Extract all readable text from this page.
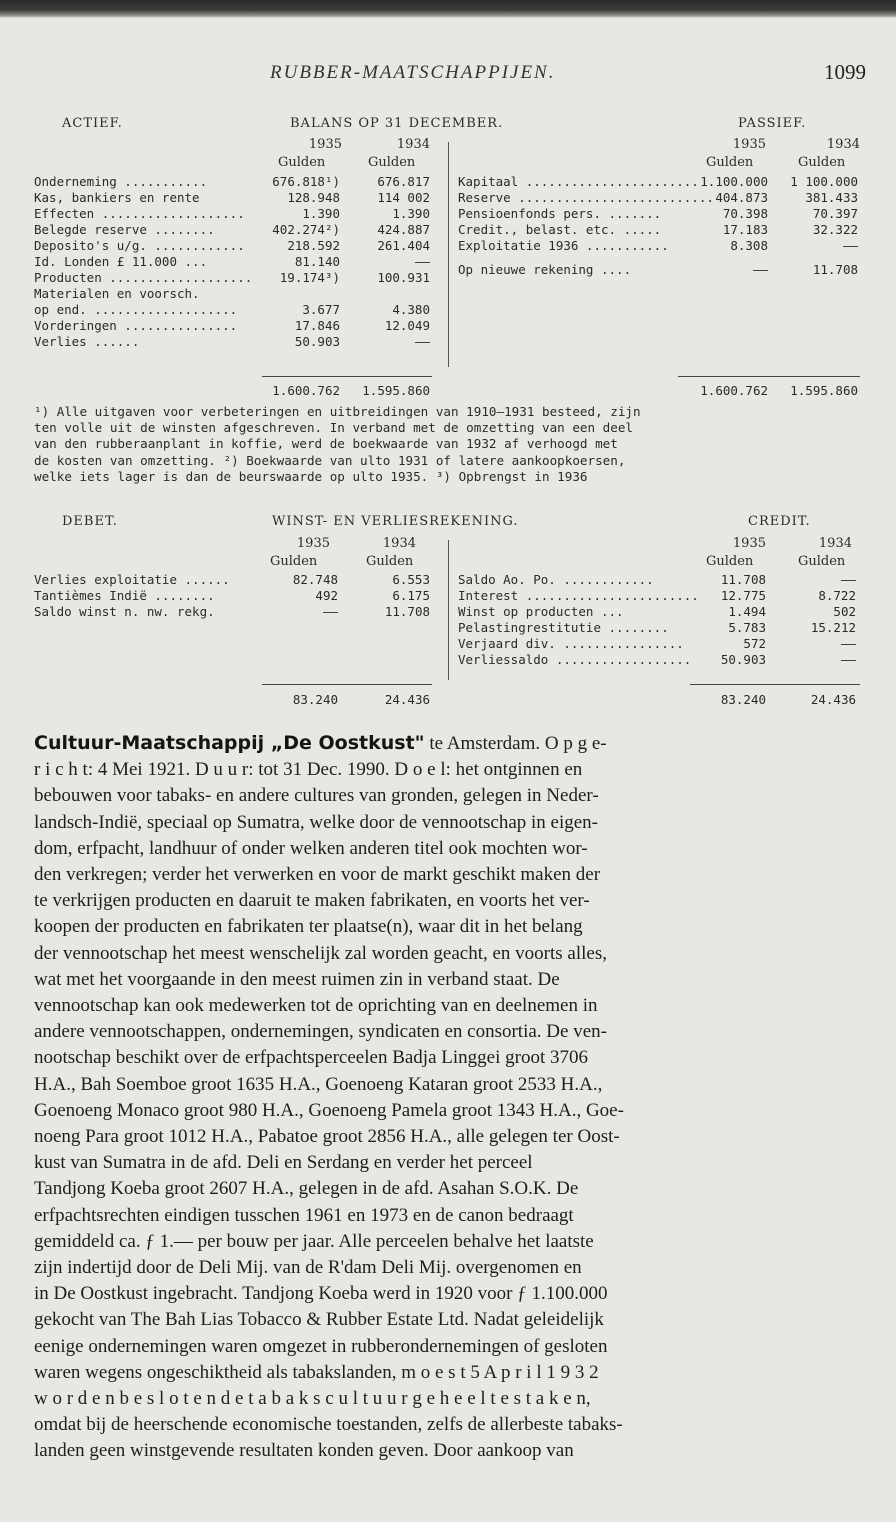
RUBBER-MAATSCHAPPIJEN.	1099
ACTIEF.	BALANS OP 31 DECEMBER.	PASSIEF.
1935	1934	1935	1934
Gulden	Gulden	Gulden	Gulden
Onderneming ...........	676.818¹)	676.817
Kas, bankiers en rente	128.948	114 002
Effecten ...................	1.390	1.390
Belegde reserve ........	402.274²)	424.887
Deposito's u/g. ............	218.592	261.404
Id. Londen £ 11.000 ...	81.140	——
Producten ...................	19.174³)	100.931
Materialen en voorsch.
op end. ...................	3.677	4.380
Vorderingen ...............	17.846	12.049
Verlies ......	50.903	——
Kapitaal ....................... 1.100.000	1 100.000
Reserve .......................... 404.873	381.433
Pensioenfonds pers. .......	70.398	70.397
Credit., belast. etc. .....	17.183	32.322
Exploitatie 1936 ...........	8.308	——
Op nieuwe rekening ....	——	11.708
1.600.762	1.595.860	1.600.762	1.595.860

¹) Alle uitgaven voor verbeteringen en uitbreidingen van 1910—1931 besteed, zijn

ten volle uit de winsten afgeschreven. In verband met de omzetting van een deel

van den rubberaanplant in koffie, werd de boekwaarde van 1932 af verhoogd met

de kosten van omzetting. ²) Boekwaarde van ulto 1931 of latere aankoopkoersen,

welke iets lager is dan de beurswaarde op ulto 1935. ³) Opbrengst in 1936

DEBET.	WINST- EN VERLIESREKENING.	CREDIT.
1935	1934	1935	1934
Gulden	Gulden	Gulden	Gulden
Verlies exploitatie ......	82.748	6.553
Tantièmes Indië ........	492	6.175
Saldo winst n. nw. rekg.	——	11.708
Saldo Ao. Po. ............	11.708	——
Interest .......................	12.775	8.722
Winst op producten ...	1.494	502
Pelastingrestitutie ........	5.783	15.212
Verjaard div. ................	572	——
Verliessaldo ..................	50.903	——
83.240	24.436	83.240	24.436

Cultuur-Maatschappij „De Oostkust" te Amsterdam. O p g e-

r i c h t: 4 Mei 1921. D u u r: tot 31 Dec. 1990. D o e l: het ontginnen en

bebouwen voor tabaks- en andere cultures van gronden, gelegen in Neder-

landsch-Indië, speciaal op Sumatra, welke door de vennootschap in eigen-

dom, erfpacht, landhuur of onder welken anderen titel ook mochten wor-

den verkregen; verder het verwerken en voor de markt geschikt maken der

te verkrijgen producten en daaruit te maken fabrikaten, en voorts het ver-

koopen der producten en fabrikaten ter plaatse(n), waar dit in het belang

der vennootschap het meest wenschelijk zal worden geacht, en voorts alles,

wat met het voorgaande in den meest ruimen zin in verband staat. De

vennootschap kan ook medewerken tot de oprichting van en deelnemen in

andere vennootschappen, ondernemingen, syndicaten en consortia. De ven-

nootschap beschikt over de erfpachtsperceelen Badja Linggei groot 3706

H.A., Bah Soemboe groot 1635 H.A., Goenoeng Kataran groot 2533 H.A.,

Goenoeng Monaco groot 980 H.A., Goenoeng Pamela groot 1343 H.A., Goe-

noeng Para groot 1012 H.A., Pabatoe groot 2856 H.A., alle gelegen ter Oost-

kust van Sumatra in de afd. Deli en Serdang en verder het perceel

Tandjong Koeba groot 2607 H.A., gelegen in de afd. Asahan S.O.K. De

erfpachtsrechten eindigen tusschen 1961 en 1973 en de canon bedraagt

gemiddeld ca. ƒ 1.— per bouw per jaar. Alle perceelen behalve het laatste

zijn indertijd door de Deli Mij. van de R'dam Deli Mij. overgenomen en

in De Oostkust ingebracht. Tandjong Koeba werd in 1920 voor ƒ 1.100.000

gekocht van The Bah Lias Tobacco & Rubber Estate Ltd. Nadat geleidelijk

eenige ondernemingen waren omgezet in rubberondernemingen of gesloten

waren wegens ongeschiktheid als tabakslanden, m o e s t 5 A p r i l 1 9 3 2

w o r d e n b e s l o t e n d e t a b a k s c u l t u u r g e h e e l t e s t a k e n,

omdat bij de heerschende economische toestanden, zelfs de allerbeste tabaks-

landen geen winstgevende resultaten konden geven. Door aankoop van
